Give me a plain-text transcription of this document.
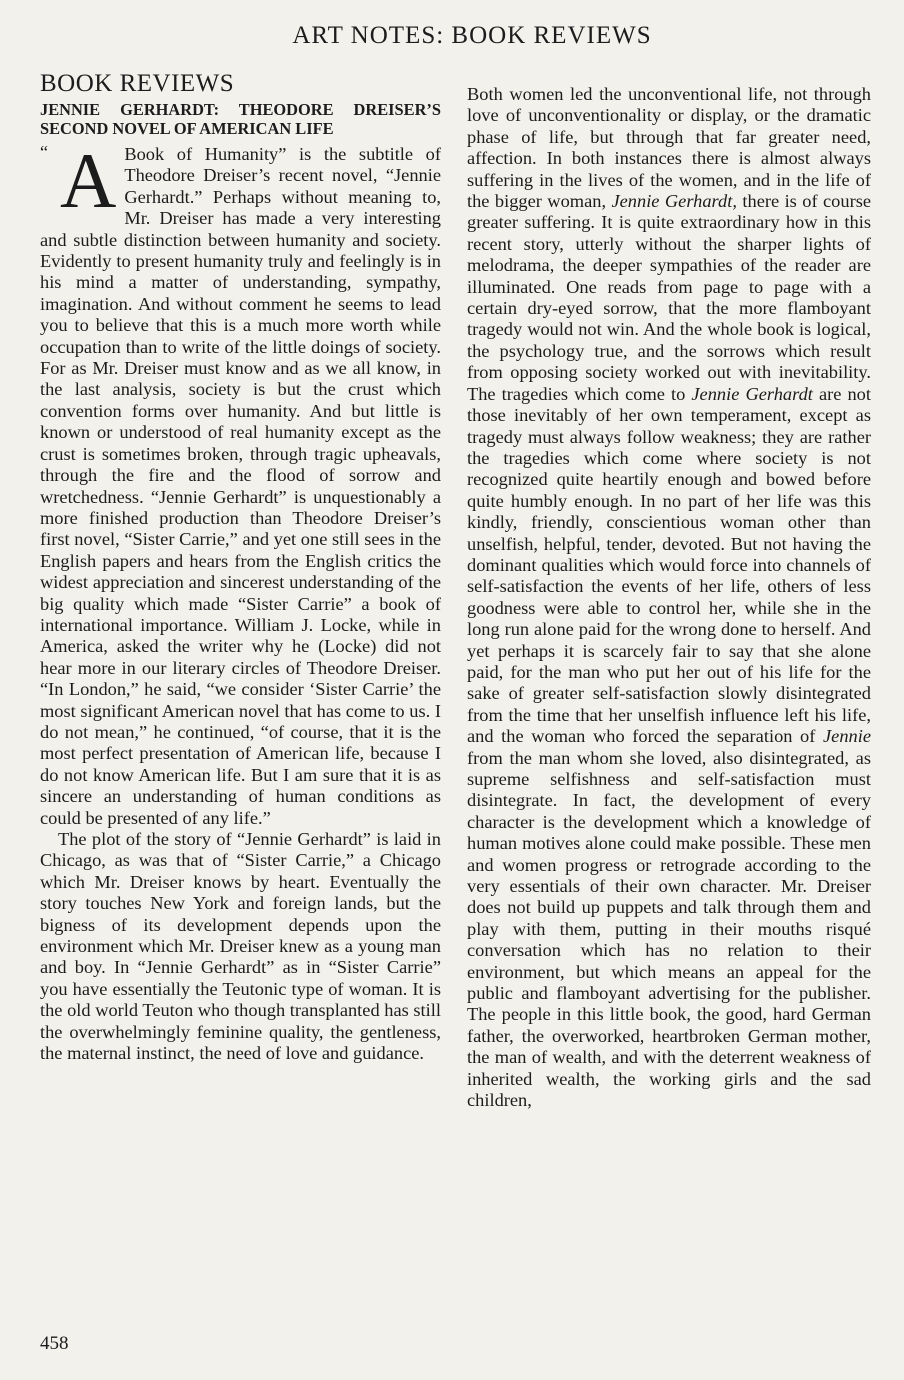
ART NOTES: BOOK REVIEWS
BOOK REVIEWS
JENNIE GERHARDT: THEODORE DREISER’S SECOND NOVEL OF AMERICAN LIFE

“ A Book of Humanity” is the subtitle of Theodore Dreiser’s recent novel, “Jennie Gerhardt.” Perhaps without meaning to, Mr. Dreiser has made a very interesting and subtle distinction between humanity and society. Evidently to present humanity truly and feelingly is in his mind a matter of understanding, sympathy, imagination. And without comment he seems to lead you to believe that this is a much more worth while occupation than to write of the little doings of society. For as Mr. Dreiser must know and as we all know, in the last analysis, society is but the crust which convention forms over humanity. And but little is known or understood of real humanity except as the crust is sometimes broken, through tragic upheavals, through the fire and the flood of sorrow and wretchedness. “Jennie Gerhardt” is unquestionably a more finished production than Theodore Dreiser’s first novel, “Sister Carrie,” and yet one still sees in the English papers and hears from the English critics the widest appreciation and sincerest understanding of the big quality which made “Sister Carrie” a book of international importance. William J. Locke, while in America, asked the writer why he (Locke) did not hear more in our literary circles of Theodore Dreiser. “In London,” he said, “we consider ‘Sister Carrie’ the most significant American novel that has come to us. I do not mean,” he continued, “of course, that it is the most perfect presentation of American life, because I do not know American life. But I am sure that it is as sincere an understanding of human conditions as could be presented of any life.”

The plot of the story of “Jennie Gerhardt” is laid in Chicago, as was that of “Sister Carrie,” a Chicago which Mr. Dreiser knows by heart. Eventually the story touches New York and foreign lands, but the bigness of its development depends upon the environment which Mr. Dreiser knew as a young man and boy. In “Jennie Gerhardt” as in “Sister Carrie” you have essentially the Teutonic type of woman. It is the old world Teuton who though transplanted has still the overwhelmingly feminine quality, the gentleness, the maternal instinct, the need of love and guidance.

Both women led the unconventional life, not through love of unconventionality or display, or the dramatic phase of life, but through that far greater need, affection. In both instances there is almost always suffering in the lives of the women, and in the life of the bigger woman, Jennie Gerhardt, there is of course greater suffering. It is quite extraordinary how in this recent story, utterly without the sharper lights of melodrama, the deeper sympathies of the reader are illuminated. One reads from page to page with a certain dry-eyed sorrow, that the more flamboyant tragedy would not win. And the whole book is logical, the psychology true, and the sorrows which result from opposing society worked out with inevitability. The tragedies which come to Jennie Gerhardt are not those inevitably of her own temperament, except as tragedy must always follow weakness; they are rather the tragedies which come where society is not recognized quite heartily enough and bowed before quite humbly enough. In no part of her life was this kindly, friendly, conscientious woman other than unselfish, helpful, tender, devoted. But not having the dominant qualities which would force into channels of self-satisfaction the events of her life, others of less goodness were able to control her, while she in the long run alone paid for the wrong done to herself. And yet perhaps it is scarcely fair to say that she alone paid, for the man who put her out of his life for the sake of greater self-satisfaction slowly disintegrated from the time that her unselfish influence left his life, and the woman who forced the separation of Jennie from the man whom she loved, also disintegrated, as supreme selfishness and self-satisfaction must disintegrate. In fact, the development of every character is the development which a knowledge of human motives alone could make possible. These men and women progress or retrograde according to the very essentials of their own character. Mr. Dreiser does not build up puppets and talk through them and play with them, putting in their mouths risqué conversation which has no relation to their environment, but which means an appeal for the public and flamboyant advertising for the publisher. The people in this little book, the good, hard German father, the overworked, heartbroken German mother, the man of wealth, and with the deterrent weakness of inherited wealth, the working girls and the sad children,

458
